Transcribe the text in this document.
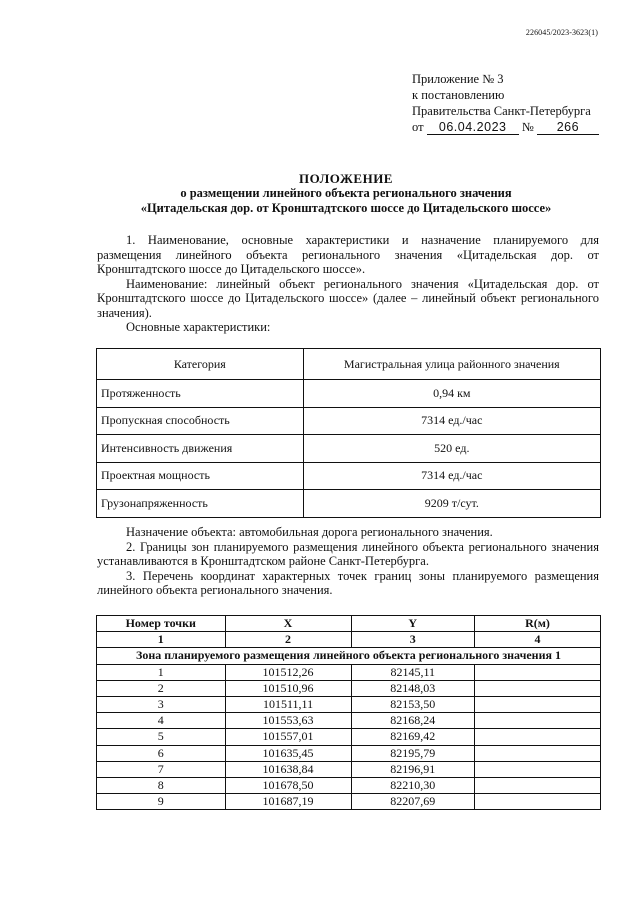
226045/2023-3623(1)
Приложение № 3
к постановлению
Правительства Санкт-Петербурга
от 06.04.2023 № 266
ПОЛОЖЕНИЕ
о размещении линейного объекта регионального значения
«Цитадельская дор. от Кронштадтского шоссе до Цитадельского шоссе»

1. Наименование, основные характеристики и назначение планируемого для размещения линейного объекта регионального значения «Цитадельская дор. от Кронштадтского шоссе до Цитадельского шоссе».

Наименование: линейный объект регионального значения «Цитадельская дор. от Кронштадтского шоссе до Цитадельского шоссе» (далее – линейный объект регионального значения).

Основные характеристики:

Категория	Магистральная улица районного значения
Протяженность	0,94 км
Пропускная способность	7314 ед./час
Интенсивность движения	520 ед.
Проектная мощность	7314 ед./час
Грузонапряженность	9209 т/сут.

Назначение объекта: автомобильная дорога регионального значения.

2. Границы зон планируемого размещения линейного объекта регионального значения устанавливаются в Кронштадтском районе Санкт-Петербурга.

3. Перечень координат характерных точек границ зоны планируемого размещения линейного объекта регионального значения.

Номер точки	X	Y	R(м)
1	2	3	4
Зона планируемого размещения линейного объекта регионального значения 1			
1	101512,26	82145,11	
2	101510,96	82148,03	
3	101511,11	82153,50	
4	101553,63	82168,24	
5	101557,01	82169,42	
6	101635,45	82195,79	
7	101638,84	82196,91	
8	101678,50	82210,30	
9	101687,19	82207,69	
